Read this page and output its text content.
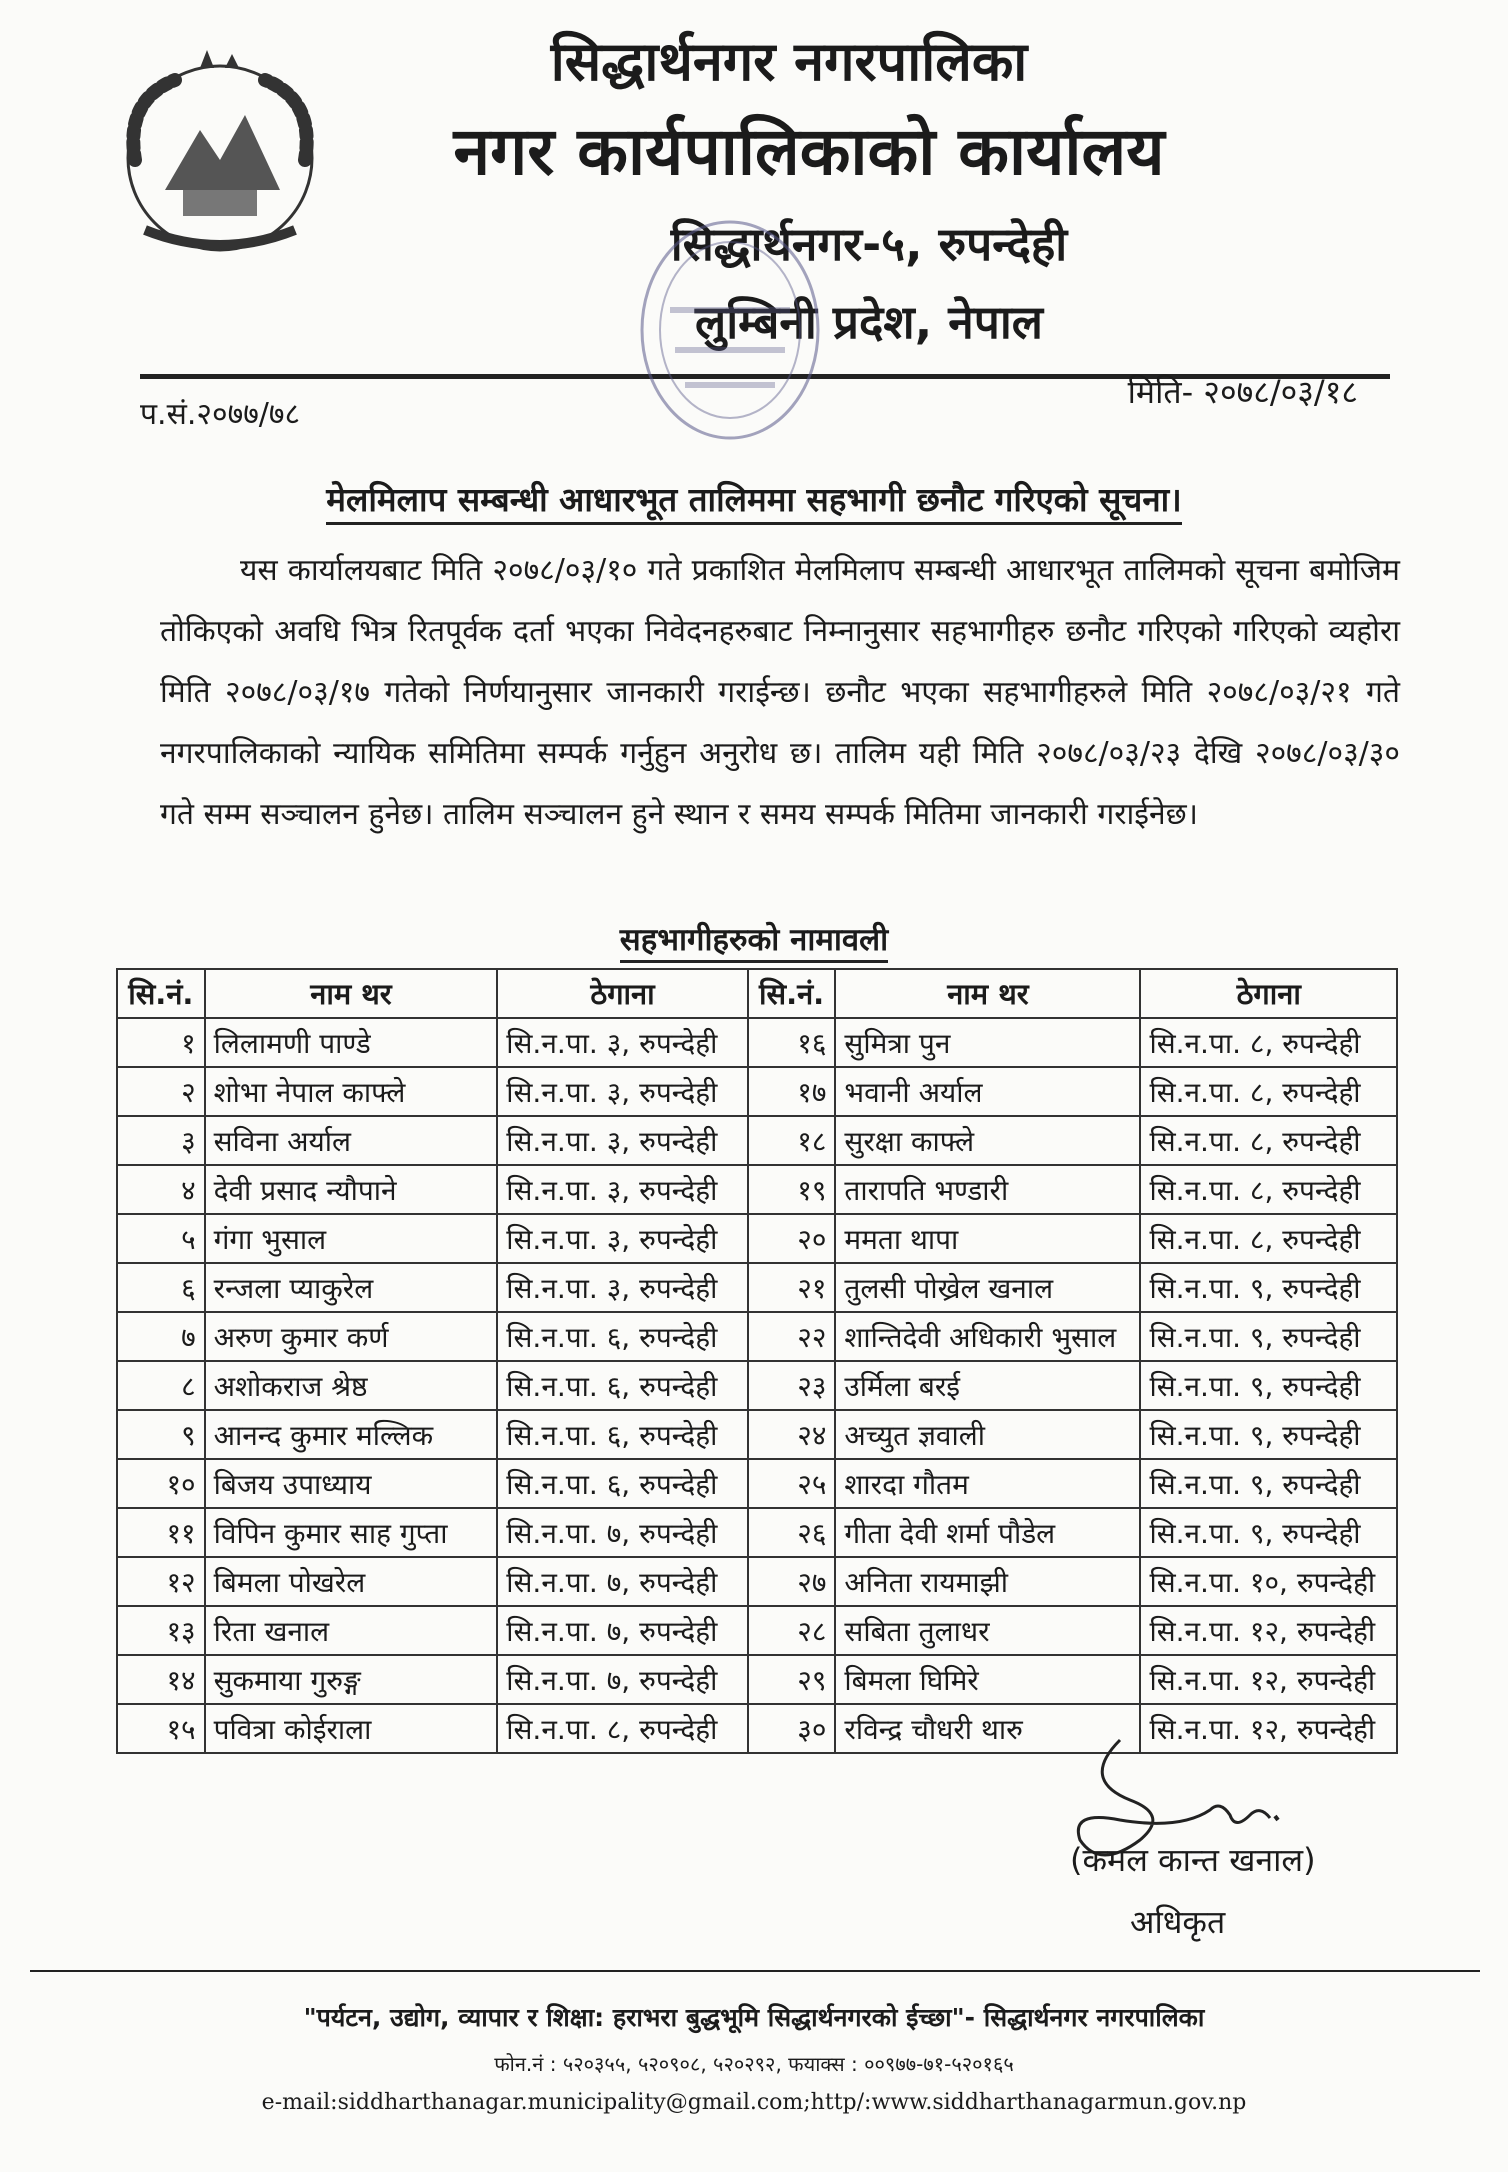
सिद्धार्थनगर नगरपालिका
नगर कार्यपालिकाको कार्यालय
सिद्धार्थनगर-५, रुपन्देही
लुम्बिनी प्रदेश, नेपाल
प.सं.२०७७/७८
मिति- २०७८/०३/१८
मेलमिलाप सम्बन्धी आधारभूत तालिममा सहभागी छनौट गरिएको सूचना।
यस कार्यालयबाट मिति २०७८/०३/१० गते प्रकाशित मेलमिलाप सम्बन्धी आधारभूत तालिमको सूचना बमोजिम तोकिएको अवधि भित्र रितपूर्वक दर्ता भएका निवेदनहरुबाट निम्नानुसार सहभागीहरु छनौट गरिएको गरिएको व्यहोरा मिति २०७८/०३/१७ गतेको निर्णयानुसार जानकारी गराईन्छ। छनौट भएका सहभागीहरुले मिति २०७८/०३/२१ गते नगरपालिकाको न्यायिक समितिमा सम्पर्क गर्नुहुन अनुरोध छ। तालिम यही मिति २०७८/०३/२३ देखि २०७८/०३/३० गते सम्म सञ्चालन हुनेछ। तालिम सञ्चालन हुने स्थान र समय सम्पर्क मितिमा जानकारी गराईनेछ।
सहभागीहरुको नामावली
सि.नं.	नाम थर	ठेगाना	सि.नं.	नाम थर	ठेगाना
१	लिलामणी पाण्डे	सि.न.पा. ३, रुपन्देही	१६	सुमित्रा पुन	सि.न.पा. ८, रुपन्देही
२	शोभा नेपाल काफ्ले	सि.न.पा. ३, रुपन्देही	१७	भवानी अर्याल	सि.न.पा. ८, रुपन्देही
३	सविना अर्याल	सि.न.पा. ३, रुपन्देही	१८	सुरक्षा काफ्ले	सि.न.पा. ८, रुपन्देही
४	देवी प्रसाद न्यौपाने	सि.न.पा. ३, रुपन्देही	१९	तारापति भण्डारी	सि.न.पा. ८, रुपन्देही
५	गंगा भुसाल	सि.न.पा. ३, रुपन्देही	२०	ममता थापा	सि.न.पा. ८, रुपन्देही
६	रन्जला प्याकुरेल	सि.न.पा. ३, रुपन्देही	२१	तुलसी पोख्रेल खनाल	सि.न.पा. ९, रुपन्देही
७	अरुण कुमार कर्ण	सि.न.पा. ६, रुपन्देही	२२	शान्तिदेवी अधिकारी भुसाल	सि.न.पा. ९, रुपन्देही
८	अशोकराज श्रेष्ठ	सि.न.पा. ६, रुपन्देही	२३	उर्मिला बरई	सि.न.पा. ९, रुपन्देही
९	आनन्द कुमार मल्लिक	सि.न.पा. ६, रुपन्देही	२४	अच्युत ज्ञवाली	सि.न.पा. ९, रुपन्देही
१०	बिजय उपाध्याय	सि.न.पा. ६, रुपन्देही	२५	शारदा गौतम	सि.न.पा. ९, रुपन्देही
११	विपिन कुमार साह गुप्ता	सि.न.पा. ७, रुपन्देही	२६	गीता देवी शर्मा पौडेल	सि.न.पा. ९, रुपन्देही
१२	बिमला पोखरेल	सि.न.पा. ७, रुपन्देही	२७	अनिता रायमाझी	सि.न.पा. १०, रुपन्देही
१३	रिता खनाल	सि.न.पा. ७, रुपन्देही	२८	सबिता तुलाधर	सि.न.पा. १२, रुपन्देही
१४	सुकमाया गुरुङ्ग	सि.न.पा. ७, रुपन्देही	२९	बिमला घिमिरे	सि.न.पा. १२, रुपन्देही
१५	पवित्रा कोईराला	सि.न.पा. ८, रुपन्देही	३०	रविन्द्र चौधरी थारु	सि.न.पा. १२, रुपन्देही
(कमल कान्त खनाल)
अधिकृत
"पर्यटन, उद्योग, व्यापार र शिक्षा: हराभरा बुद्धभूमि सिद्धार्थनगरको ईच्छा"- सिद्धार्थनगर नगरपालिका
फोन.नं : ५२०३५५, ५२०९०८, ५२०२९२, फयाक्स : ००९७७-७१-५२०१६५
e-mail:siddharthanagar.municipality@gmail.com;http/:www.siddharthanagarmun.gov.np
